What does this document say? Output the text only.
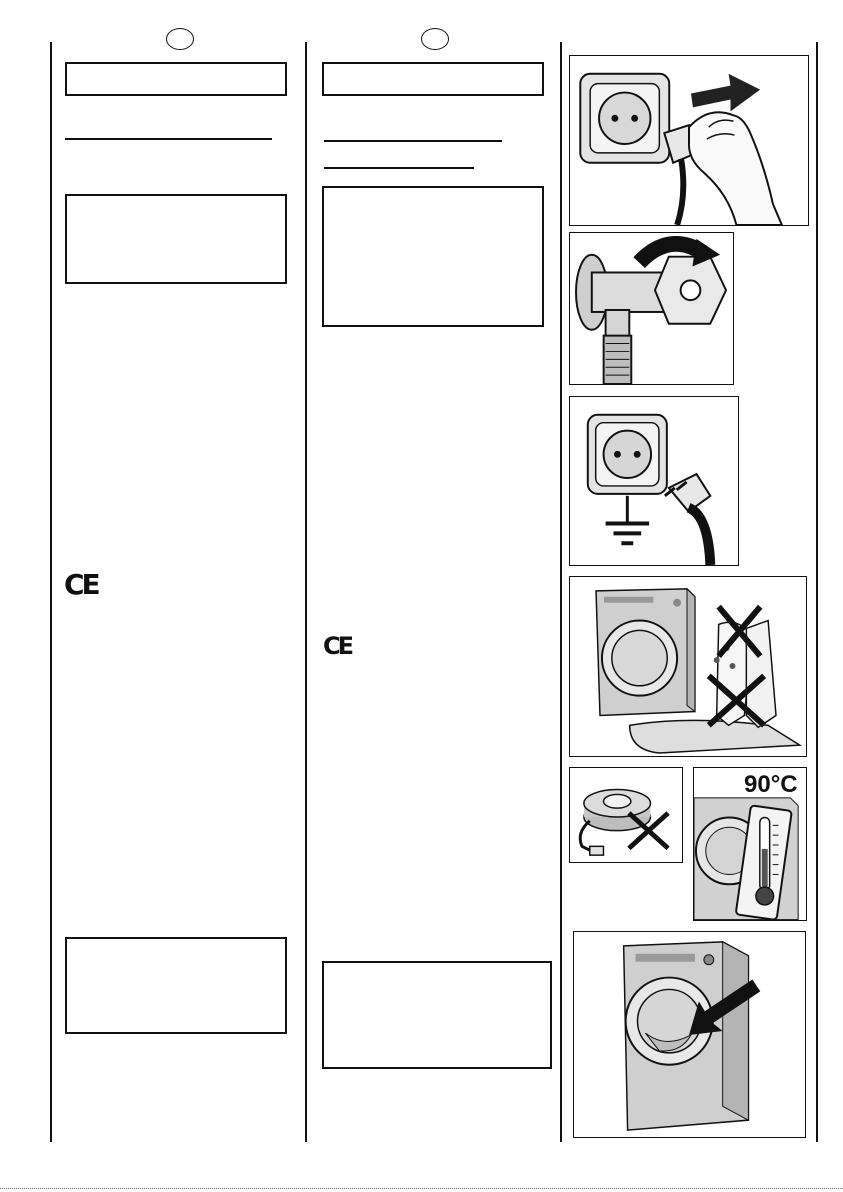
CE
CE
90°C
